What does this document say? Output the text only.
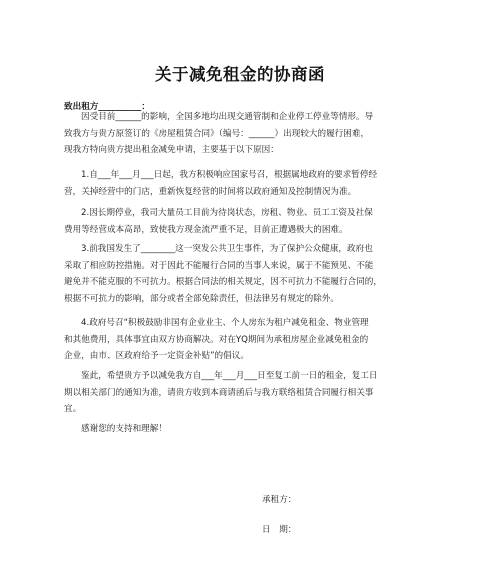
关于减免租金的协商函
致出租方__________：
因受目前______的影响，全国多地均出现交通管制和企业停工停业等情形。导
致我方与贵方原签订的《房屋租赁合同》（编号：______）出现较大的履行困难，
现我方特向贵方提出租金减免申请，主要基于以下原因：
1.自___年___月___日起，我方积极响应国家号召，根据属地政府的要求暂停经
营，关掉经营中的门店，重新恢复经营的时间将以政府通知及控制情况为准。
2.因长期停业，我司大量员工目前为待岗状态，房租、物业、员工工资及社保
费用等经营成本高昂，致使我方现金流严重不足，目前正遭遇极大的困难。
3.前我国发生了________这一突发公共卫生事件，为了保护公众健康，政府也
采取了相应防控措施。对于因此不能履行合同的当事人来说，属于不能预见、不能
避免并不能克服的不可抗力。根据合同法的相关规定，因不可抗力不能履行合同的，
根据不可抗力的影响，部分或者全部免除责任，但法律另有规定的除外。
4.政府号召“积极鼓励非国有企业业主、个人房东为租户减免租金、物业管理
和其他费用，具体事宜由双方协商解决。对在YQ期间为承租房屋企业减免租金的
企业，由市、区政府给予一定资金补贴”的倡议。
鉴此，希望贵方予以减免我方自___年___月___日至复工前一日的租金，复工日
期以相关部门的通知为准，请贵方收到本商请函后与我方联络租赁合同履行相关事
宜。
感谢您的支持和理解！
承租方：
日　期：
